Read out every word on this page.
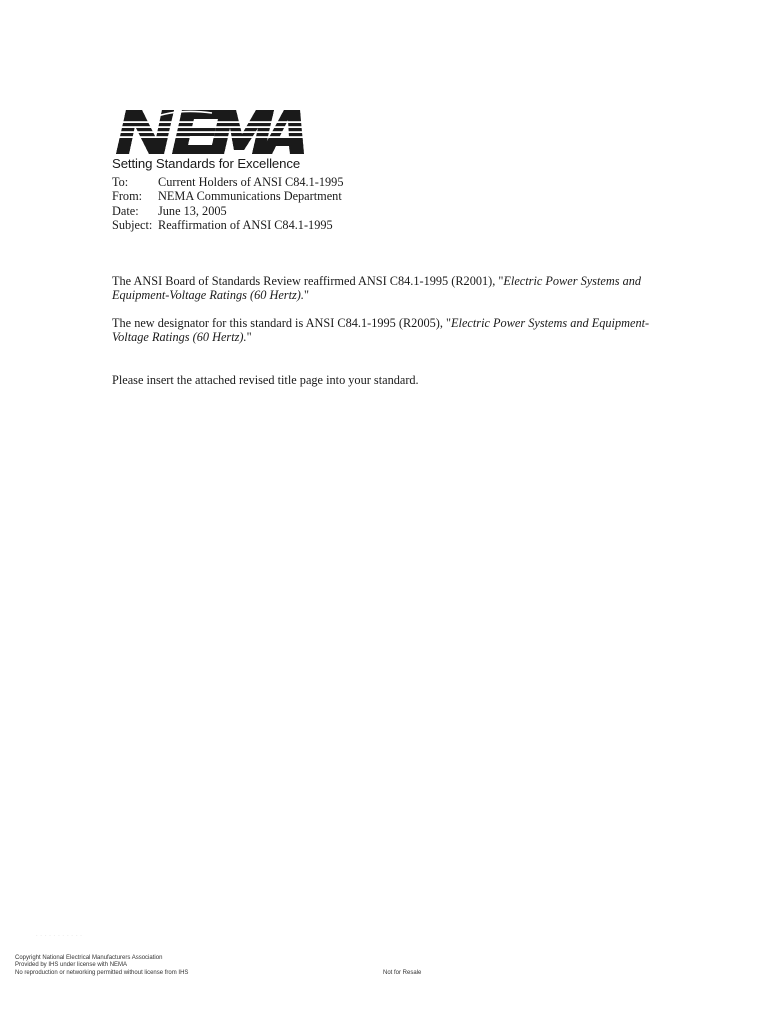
Setting Standards for Excellence
To:	Current Holders of ANSI C84.1-1995
From:	NEMA Communications Department
Date:	June 13, 2005
Subject: Reaffirmation of ANSI C84.1-1995
The ANSI Board of Standards Review reaffirmed ANSI C84.1-1995 (R2001), "Electric Power Systems and Equipment-Voltage Ratings (60 Hertz)."
The new designator for this standard is ANSI C84.1-1995 (R2005), "Electric Power Systems and Equipment-Voltage Ratings (60 Hertz)."
Please insert the attached revised title page into your standard.
- - - - - - - - - - -
Copyright National Electrical Manufacturers Association
Provided by IHS under license with NEMA
No reproduction or networking permitted without license from IHS	Not for Resale
